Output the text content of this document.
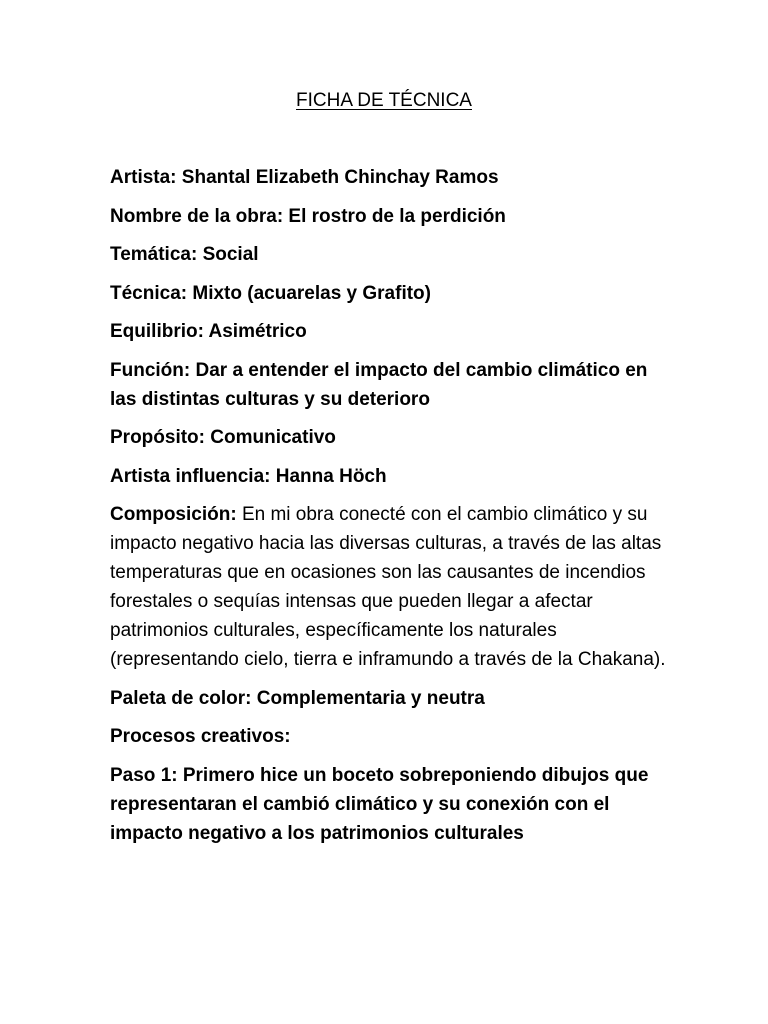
FICHA DE TÉCNICA

Artista: Shantal Elizabeth Chinchay Ramos

Nombre de la obra: El rostro de la perdición

Temática: Social

Técnica: Mixto (acuarelas y Grafito)

Equilibrio: Asimétrico

Función: Dar a entender el impacto del cambio climático en las distintas culturas y su deterioro

Propósito: Comunicativo

Artista influencia: Hanna Höch

Composición: En mi obra conecté con el cambio climático y su impacto negativo hacia las diversas culturas, a través de las altas temperaturas que en ocasiones son las causantes de incendios forestales o sequías intensas que pueden llegar a afectar patrimonios culturales, específicamente los naturales (representando cielo, tierra e inframundo a través de la Chakana).

Paleta de color: Complementaria y neutra

Procesos creativos:

Paso 1: Primero hice un boceto sobreponiendo dibujos que representaran el cambió climático y su conexión con el impacto negativo a los patrimonios culturales
